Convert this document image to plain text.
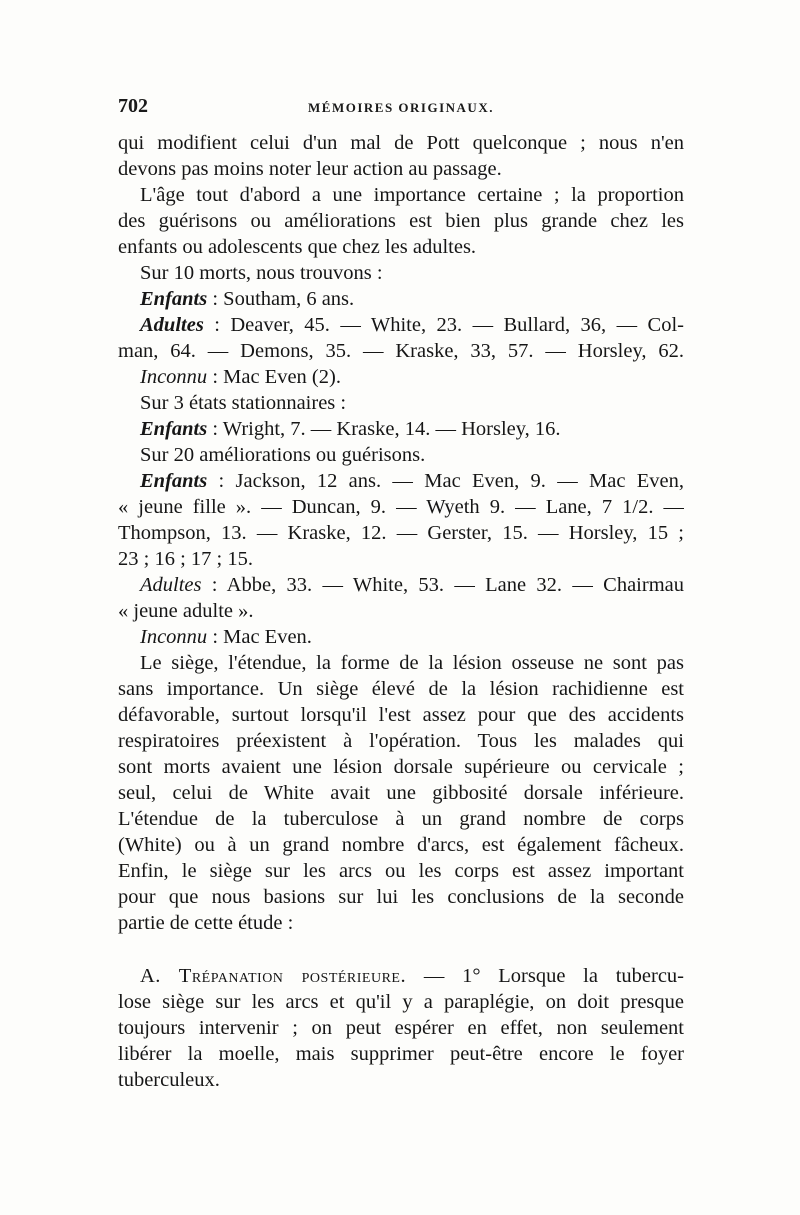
702	MÉMOIRES ORIGINAUX.
qui modifient celui d'un mal de Pott quelconque ; nous n'en
devons pas moins noter leur action au passage.
L'âge tout d'abord a une importance certaine ; la proportion
des guérisons ou améliorations est bien plus grande chez les
enfants ou adolescents que chez les adultes.
Sur 10 morts, nous trouvons :
Enfants : Southam, 6 ans.
Adultes : Deaver, 45. — White, 23. — Bullard, 36, — Col-
man, 64. — Demons, 35. — Kraske, 33, 57. — Horsley, 62.
Inconnu : Mac Even (2).
Sur 3 états stationnaires :
Enfants : Wright, 7. — Kraske, 14. — Horsley, 16.
Sur 20 améliorations ou guérisons.
Enfants : Jackson, 12 ans. — Mac Even, 9. — Mac Even,
« jeune fille ». — Duncan, 9. — Wyeth 9. — Lane, 7 1/2. —
Thompson, 13. — Kraske, 12. — Gerster, 15. — Horsley, 15 ;
23 ; 16 ; 17 ; 15.
Adultes : Abbe, 33. — White, 53. — Lane 32. — Chairmau
« jeune adulte ».
Inconnu : Mac Even.
Le siège, l'étendue, la forme de la lésion osseuse ne sont pas
sans importance. Un siège élevé de la lésion rachidienne est
défavorable, surtout lorsqu'il l'est assez pour que des accidents
respiratoires préexistent à l'opération. Tous les malades qui
sont morts avaient une lésion dorsale supérieure ou cervicale ;
seul, celui de White avait une gibbosité dorsale inférieure.
L'étendue de la tuberculose à un grand nombre de corps
(White) ou à un grand nombre d'arcs, est également fâcheux.
Enfin, le siège sur les arcs ou les corps est assez important
pour que nous basions sur lui les conclusions de la seconde
partie de cette étude :
A. Trépanation postérieure. — 1° Lorsque la tubercu-
lose siège sur les arcs et qu'il y a paraplégie, on doit presque
toujours intervenir ; on peut espérer en effet, non seulement
libérer la moelle, mais supprimer peut-être encore le foyer
tuberculeux.
